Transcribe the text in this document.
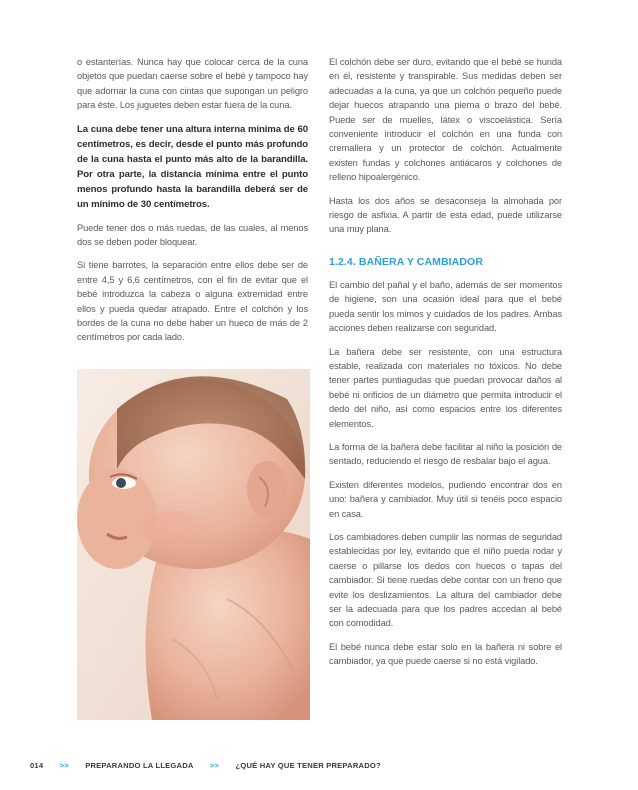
o estanterías. Nunca hay que colocar cerca de la cuna objetos que puedan caerse sobre el bebé y tampoco hay que adornar la cuna con cintas que supongan un peligro para éste. Los juguetes deben estar fuera de la cuna.

La cuna debe tener una altura interna mínima de 60 centímetros, es decir, desde el punto más profundo de la cuna hasta el punto más alto de la barandilla. Por otra parte, la distancia mínima entre el punto menos profundo hasta la barandilla deberá ser de un mínimo de 30 centímetros.

Puede tener dos o más ruedas, de las cuales, al menos dos se deben poder bloquear.

Si tiene barrotes, la separación entre ellos debe ser de entre 4,5 y 6,6 centímetros, con el fin de evitar que el bebé introduzca la cabeza o alguna extremidad entre ellos y pueda quedar atrapado. Entre el colchón y los bordes de la cuna no debe haber un hueco de más de 2 centímetros por cada lado.

El colchón debe ser duro, evitando que el bebé se hunda en él, resistente y transpirable. Sus medidas deben ser adecuadas a la cuna, ya que un colchón pequeño puede dejar huecos atrapando una pierna o brazo del bebé. Puede ser de muelles, látex o viscoelástica. Sería conveniente introducir el colchón en una funda con cremallera y un protector de colchón. Actualmente existen fundas y colchones antiácaros y colchones de relleno hipoalergénico.

Hasta los dos años se desaconseja la almohada por riesgo de asfixia. A partir de esta edad, puede utilizarse una muy plana.

1.2.4. BAÑERA Y CAMBIADOR

El cambio del pañal y el baño, además de ser momentos de higiene, son una ocasión ideal para que el bebé pueda sentir los mimos y cuidados de los padres. Ambas acciones deben realizarse con seguridad.

La bañera debe ser resistente, con una estructura estable, realizada con materiales no tóxicos. No debe tener partes puntiagudas que puedan provocar daños al bebé ni orificios de un diámetro que permita introducir el dedo del niño, así como espacios entre los diferentes elementos.

La forma de la bañera debe facilitar al niño la posición de sentado, reduciendo el riesgo de resbalar bajo el agua.

Existen diferentes modelos, pudiendo encontrar dos en uno: bañera y cambiador. Muy útil si tenéis poco espacio en casa.

Los cambiadores deben cumplir las normas de seguridad establecidas por ley, evitando que el niño pueda rodar y caerse o pillarse los dedos con huecos o tapas del cambiador. Si tiene ruedas debe contar con un freno que evite los deslizamientos. La altura del cambiador debe ser la adecuada para que los padres accedan al bebé con comodidad.

El bebé nunca debe estar solo en la bañera ni sobre el cambiador, ya que puede caerse si no está vigilado.

014 >> PREPARANDO LA LLEGADA >> ¿QUÉ HAY QUE TENER PREPARADO?
